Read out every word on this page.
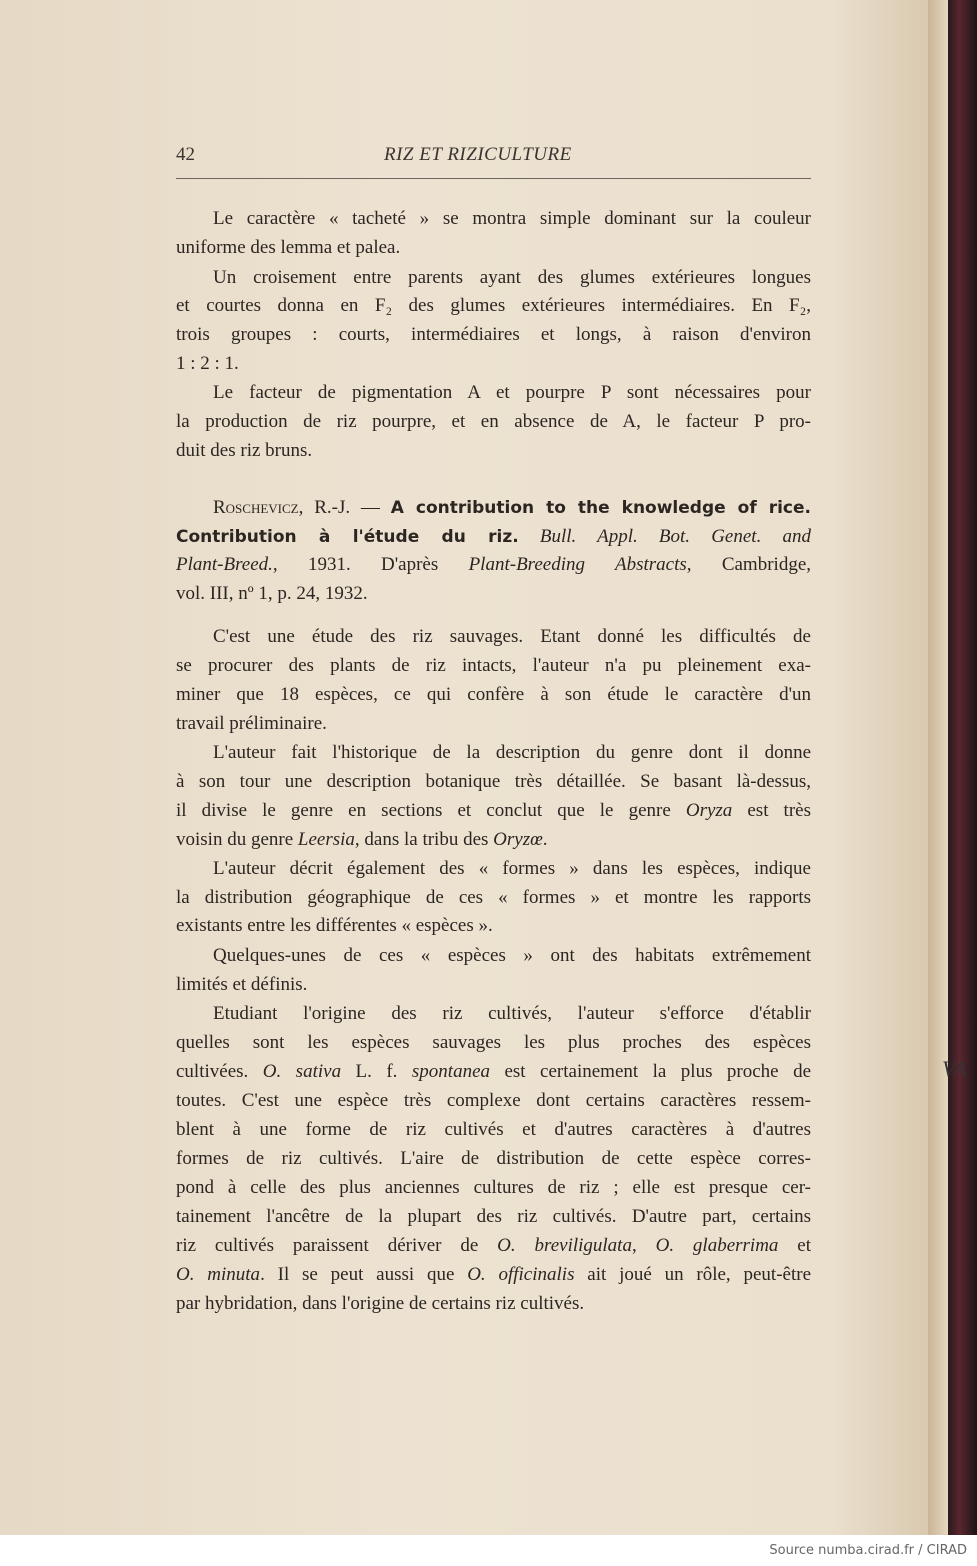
VA
42	RIZ ET RIZICULTURE
Le caractère « tacheté » se montra simple dominant sur la couleur
uniforme des lemma et palea.
Un croisement entre parents ayant des glumes extérieures longues
et courtes donna en F₂ des glumes extérieures intermédiaires. En F₂,
trois groupes : courts, intermédiaires et longs, à raison d'environ
1 : 2 : 1.
Le facteur de pigmentation A et pourpre P sont nécessaires pour
la production de riz pourpre, et en absence de A, le facteur P pro-
duit des riz bruns.
Roschevicz, R.-J. — A contribution to the knowledge of rice.
Contribution à l'étude du riz. Bull. Appl. Bot. Genet. and
Plant-Breed., 1931. D'après Plant-Breeding Abstracts, Cambridge,
vol. III, nº 1, p. 24, 1932.
C'est une étude des riz sauvages. Etant donné les difficultés de
se procurer des plants de riz intacts, l'auteur n'a pu pleinement exa-
miner que 18 espèces, ce qui confère à son étude le caractère d'un
travail préliminaire.
L'auteur fait l'historique de la description du genre dont il donne
à son tour une description botanique très détaillée. Se basant là-dessus,
il divise le genre en sections et conclut que le genre Oryza est très
voisin du genre Leersia, dans la tribu des Oryzœ.
L'auteur décrit également des « formes » dans les espèces, indique
la distribution géographique de ces « formes » et montre les rapports
existants entre les différentes « espèces ».
Quelques-unes de ces « espèces » ont des habitats extrêmement
limités et définis.
Etudiant l'origine des riz cultivés, l'auteur s'efforce d'établir
quelles sont les espèces sauvages les plus proches des espèces
cultivées. O. sativa L. f. spontanea est certainement la plus proche de
toutes. C'est une espèce très complexe dont certains caractères ressem-
blent à une forme de riz cultivés et d'autres caractères à d'autres
formes de riz cultivés. L'aire de distribution de cette espèce corres-
pond à celle des plus anciennes cultures de riz ; elle est presque cer-
tainement l'ancêtre de la plupart des riz cultivés. D'autre part, certains
riz cultivés paraissent dériver de O. breviligulata, O. glaberrima et
O. minuta. Il se peut aussi que O. officinalis ait joué un rôle, peut-être
par hybridation, dans l'origine de certains riz cultivés.
Source numba.cirad.fr / CIRAD
